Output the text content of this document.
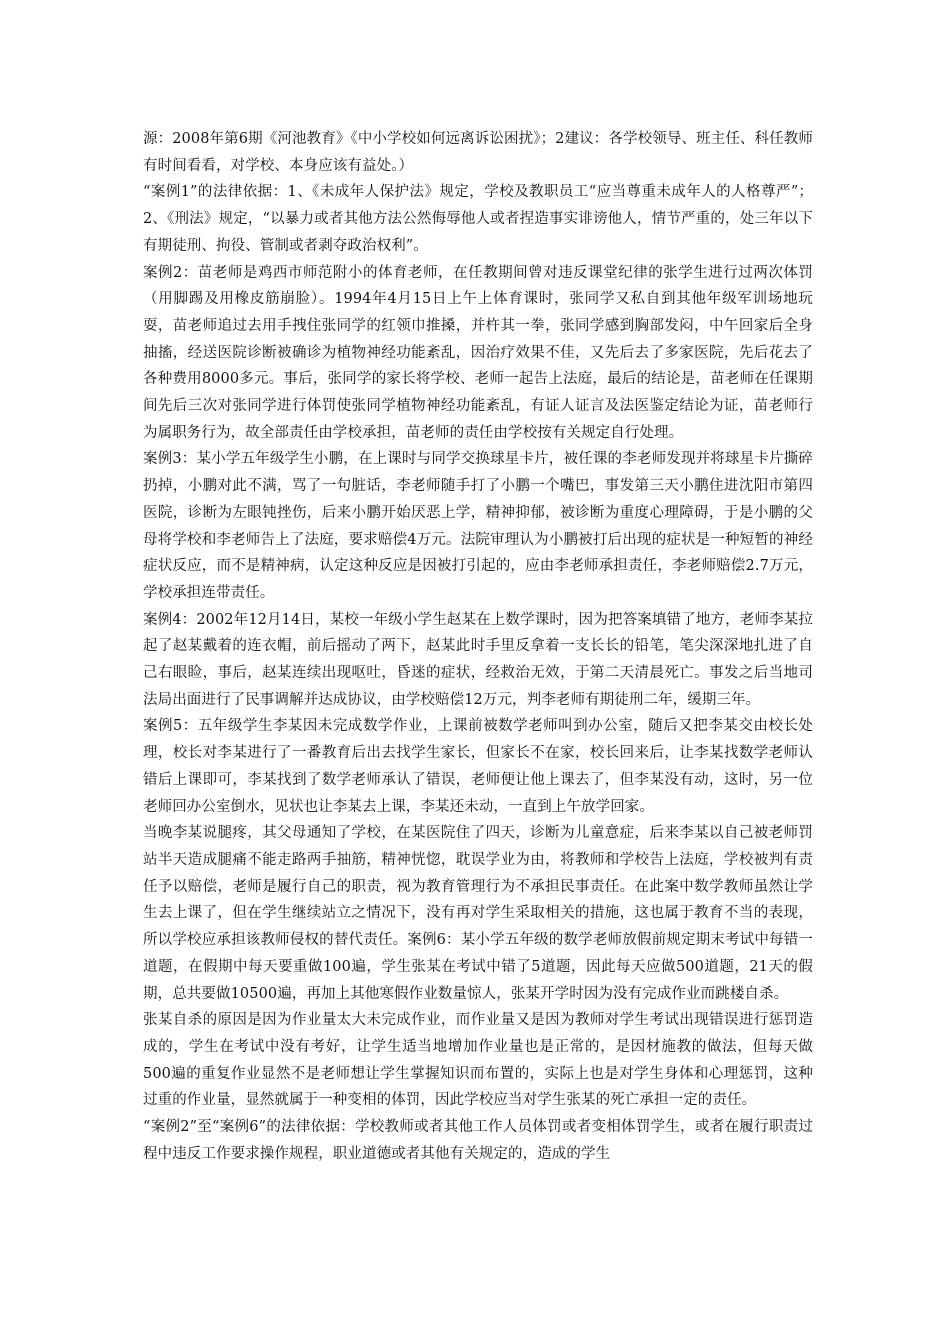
源：2008年第6期《河池教育》《中小学校如何远离诉讼困扰》；2建议：各学校领导、班主任、科任教师有时间看看，对学校、本身应该有益处。）

“案例1”的法律依据：1、《未成年人保护法》规定，学校及教职员工“应当尊重未成年人的人格尊严”；2、《刑法》规定，“以暴力或者其他方法公然侮辱他人或者捏造事实诽谤他人，情节严重的，处三年以下有期徒刑、拘役、管制或者剥夺政治权利”。

案例2：苗老师是鸡西市师范附小的体育老师，在任教期间曾对违反课堂纪律的张学生进行过两次体罚（用脚踢及用橡皮筋崩脸）。1994年4月15日上午上体育课时，张同学又私自到其他年级军训场地玩耍，苗老师追过去用手拽住张同学的红领巾推搡，并杵其一拳，张同学感到胸部发闷，中午回家后全身抽搐，经送医院诊断被确诊为植物神经功能紊乱，因治疗效果不佳，又先后去了多家医院，先后花去了各种费用8000多元。事后，张同学的家长将学校、老师一起告上法庭，最后的结论是，苗老师在任课期间先后三次对张同学进行体罚使张同学植物神经功能紊乱，有证人证言及法医鉴定结论为证，苗老师行为属职务行为，故全部责任由学校承担，苗老师的责任由学校按有关规定自行处理。

案例3：某小学五年级学生小鹏，在上课时与同学交换球星卡片，被任课的李老师发现并将球星卡片撕碎扔掉，小鹏对此不满，骂了一句脏话，李老师随手打了小鹏一个嘴巴，事发第三天小鹏住进沈阳市第四医院，诊断为左眼钝挫伤，后来小鹏开始厌恶上学，精神抑郁，被诊断为重度心理障碍，于是小鹏的父母将学校和李老师告上了法庭，要求赔偿4万元。法院审理认为小鹏被打后出现的症状是一种短暂的神经症状反应，而不是精神病，认定这种反应是因被打引起的，应由李老师承担责任，李老师赔偿2.7万元，学校承担连带责任。

案例4：2002年12月14日，某校一年级小学生赵某在上数学课时，因为把答案填错了地方，老师李某拉起了赵某戴着的连衣帽，前后摇动了两下，赵某此时手里反拿着一支长长的铅笔，笔尖深深地扎进了自己右眼睑，事后，赵某连续出现呕吐，昏迷的症状，经救治无效，于第二天清晨死亡。事发之后当地司法局出面进行了民事调解并达成协议，由学校赔偿12万元，判李老师有期徒刑二年，缓期三年。

案例5：五年级学生李某因未完成数学作业，上课前被数学老师叫到办公室，随后又把李某交由校长处理，校长对李某进行了一番教育后出去找学生家长，但家长不在家，校长回来后，让李某找数学老师认错后上课即可，李某找到了数学老师承认了错误，老师便让他上课去了，但李某没有动，这时，另一位老师回办公室倒水，见状也让李某去上课，李某还未动，一直到上午放学回家。

当晚李某说腿疼，其父母通知了学校，在某医院住了四天，诊断为儿童意症，后来李某以自己被老师罚站半天造成腿痛不能走路两手抽筋，精神恍惚，耽误学业为由，将教师和学校告上法庭，学校被判有责任予以赔偿，老师是履行自己的职责，视为教育管理行为不承担民事责任。在此案中数学教师虽然让学生去上课了，但在学生继续站立之情况下，没有再对学生采取相关的措施，这也属于教育不当的表现，所以学校应承担该教师侵权的替代责任。案例6：某小学五年级的数学老师放假前规定期末考试中每错一道题，在假期中每天要重做100遍，学生张某在考试中错了5道题，因此每天应做500道题，21天的假期，总共要做10500遍，再加上其他寒假作业数量惊人，张某开学时因为没有完成作业而跳楼自杀。

张某自杀的原因是因为作业量太大未完成作业，而作业量又是因为教师对学生考试出现错误进行惩罚造成的，学生在考试中没有考好，让学生适当地增加作业量也是正常的，是因材施教的做法，但每天做500遍的重复作业显然不是老师想让学生掌握知识而布置的，实际上也是对学生身体和心理惩罚，这种过重的作业量，显然就属于一种变相的体罚，因此学校应当对学生张某的死亡承担一定的责任。

“案例2”至“案例6”的法律依据：学校教师或者其他工作人员体罚或者变相体罚学生，或者在履行职责过程中违反工作要求操作规程，职业道德或者其他有关规定的，造成的学生
